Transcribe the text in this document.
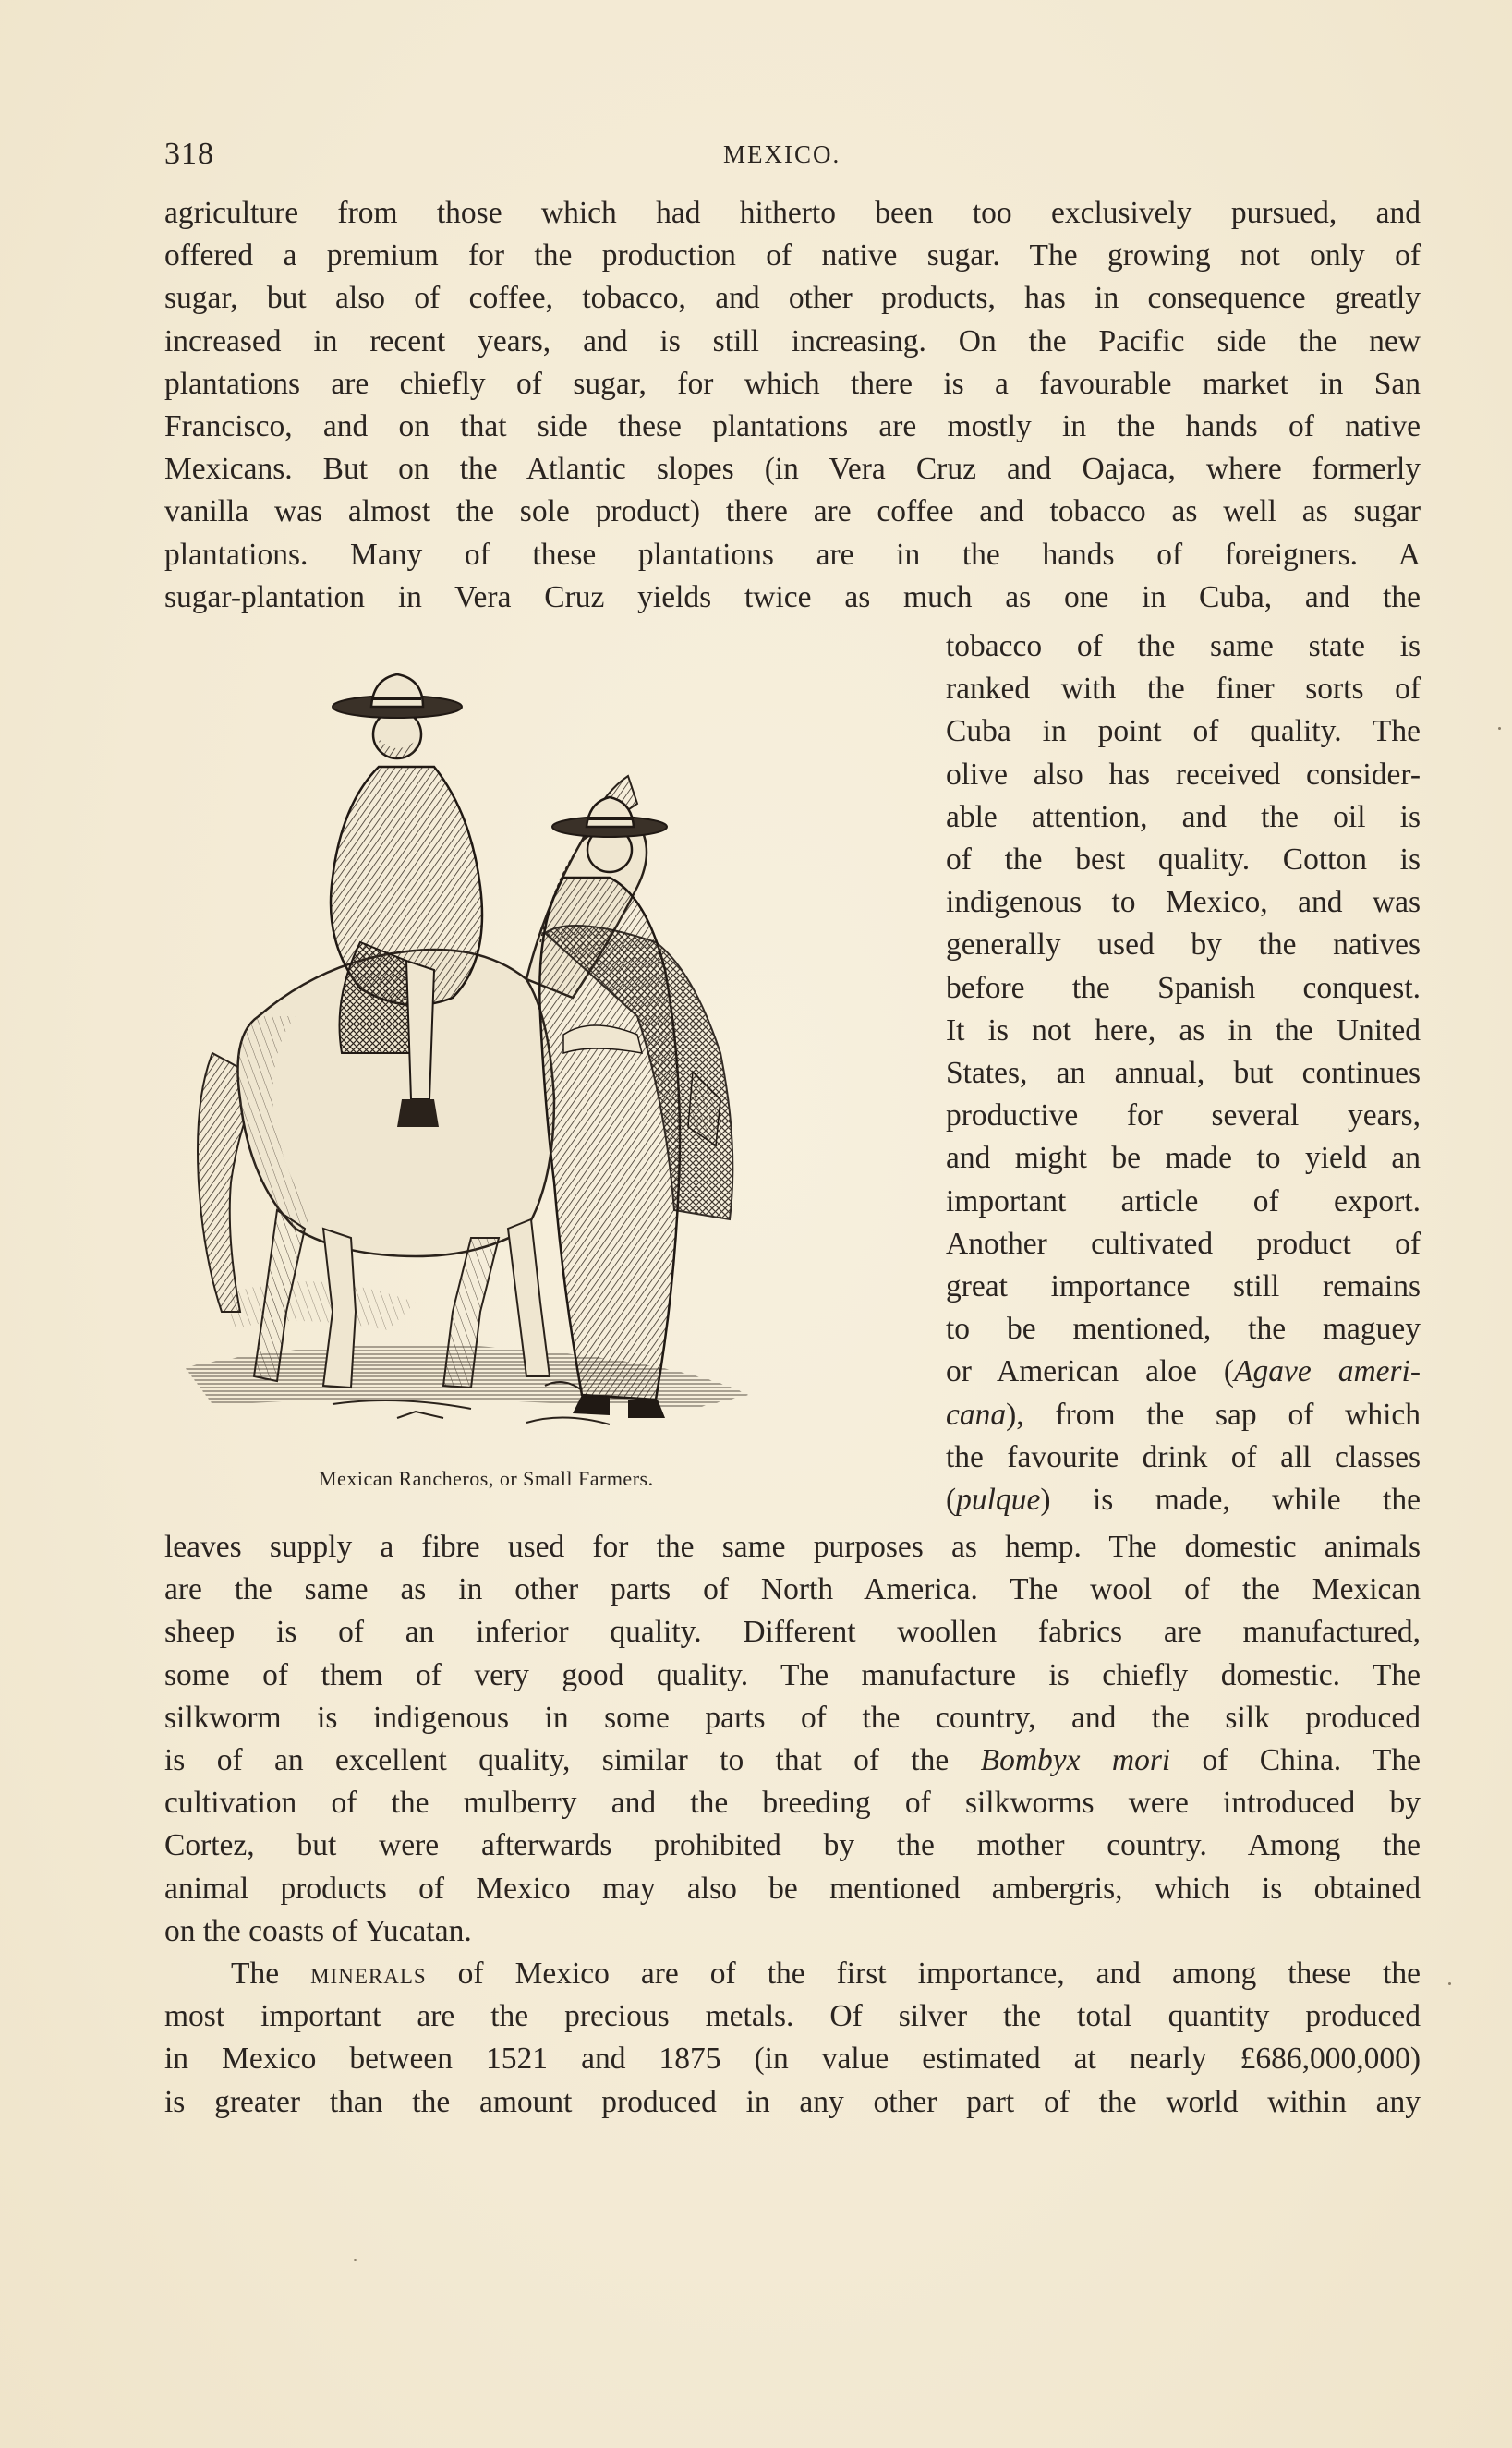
318	MEXICO.
agriculture from those which had hitherto been too exclusively pursued, and
offered a premium for the production of native sugar. The growing not only of
sugar, but also of coffee, tobacco, and other products, has in consequence greatly
increased in recent years, and is still increasing. On the Pacific side the new
plantations are chiefly of sugar, for which there is a favourable market in San
Francisco, and on that side these plantations are mostly in the hands of native
Mexicans. But on the Atlantic slopes (in Vera Cruz and Oajaca, where formerly
vanilla was almost the sole product) there are coffee and tobacco as well as sugar
plantations. Many of these plantations are in the hands of foreigners. A
sugar-plantation in Vera Cruz yields twice as much as one in Cuba, and the
Mexican Rancheros, or Small Farmers.
tobacco of the same state is
ranked with the finer sorts of
Cuba in point of quality. The
olive also has received consider-
able attention, and the oil is
of the best quality. Cotton is
indigenous to Mexico, and was
generally used by the natives
before the Spanish conquest.
It is not here, as in the United
States, an annual, but continues
productive for several years,
and might be made to yield an
important article of export.
Another cultivated product of
great importance still remains
to be mentioned, the maguey
or American aloe (Agave ameri-
cana), from the sap of which
the favourite drink of all classes
(pulque) is made, while the
leaves supply a fibre used for the same purposes as hemp. The domestic animals
are the same as in other parts of North America. The wool of the Mexican
sheep is of an inferior quality. Different woollen fabrics are manufactured,
some of them of very good quality. The manufacture is chiefly domestic. The
silkworm is indigenous in some parts of the country, and the silk produced
is of an excellent quality, similar to that of the Bombyx mori of China. The
cultivation of the mulberry and the breeding of silkworms were introduced by
Cortez, but were afterwards prohibited by the mother country. Among the
animal products of Mexico may also be mentioned ambergris, which is obtained
on the coasts of Yucatan.
The minerals of Mexico are of the first importance, and among these the
most important are the precious metals. Of silver the total quantity produced
in Mexico between 1521 and 1875 (in value estimated at nearly £686,000,000)
is greater than the amount produced in any other part of the world within any
